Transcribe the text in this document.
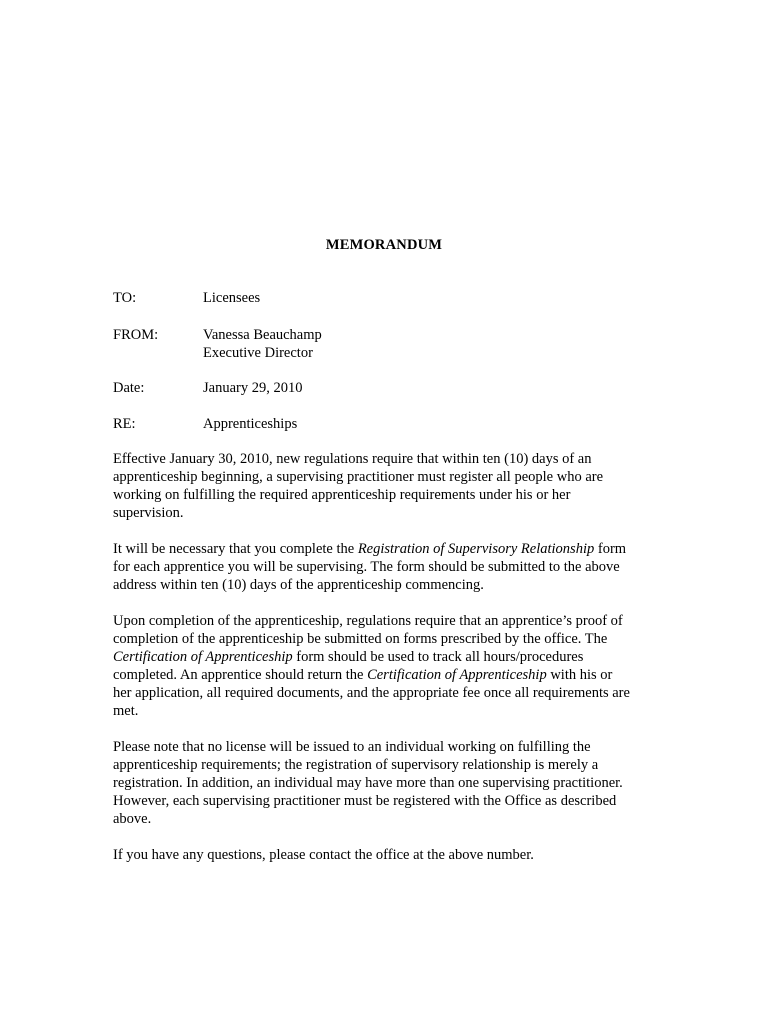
MEMORANDUM
TO:	Licensees
FROM:	Vanessa Beauchamp
Executive Director
Date:	January 29, 2010
RE:	Apprenticeships

Effective January 30, 2010, new regulations require that within ten (10) days of an
apprenticeship beginning, a supervising practitioner must register all people who are
working on fulfilling the required apprenticeship requirements under his or her
supervision.

It will be necessary that you complete the Registration of Supervisory Relationship form
for each apprentice you will be supervising. The form should be submitted to the above
address within ten (10) days of the apprenticeship commencing.

Upon completion of the apprenticeship, regulations require that an apprentice’s proof of
completion of the apprenticeship be submitted on forms prescribed by the office. The
Certification of Apprenticeship form should be used to track all hours/procedures
completed. An apprentice should return the Certification of Apprenticeship with his or
her application, all required documents, and the appropriate fee once all requirements are
met.

Please note that no license will be issued to an individual working on fulfilling the
apprenticeship requirements; the registration of supervisory relationship is merely a
registration. In addition, an individual may have more than one supervising practitioner.
However, each supervising practitioner must be registered with the Office as described
above.

If you have any questions, please contact the office at the above number.
